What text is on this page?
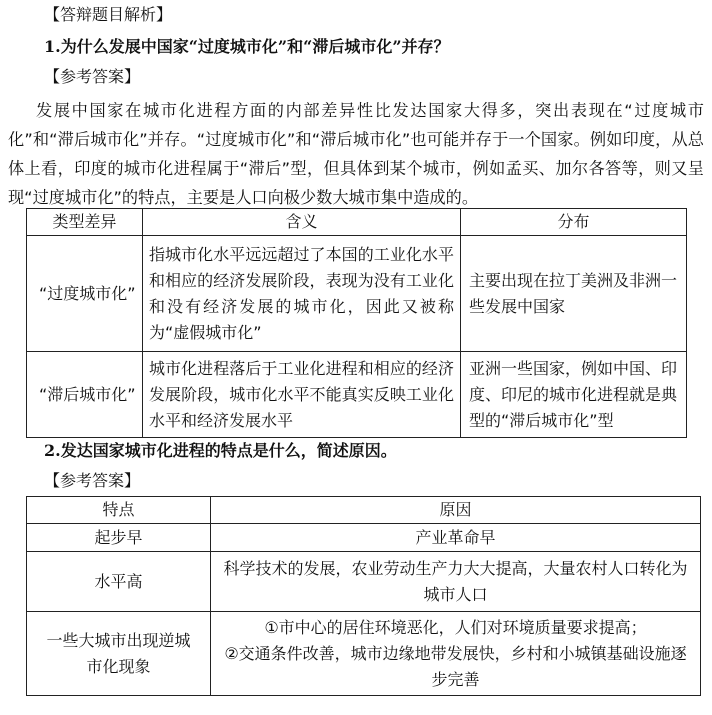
【答辩题目解析】
1.为什么发展中国家“过度城市化”和“滞后城市化”并存？
【参考答案】
发展中国家在城市化进程方面的内部差异性比发达国家大得多，突出表现在“过度城市化”和“滞后城市化”并存。“过度城市化”和“滞后城市化”也可能并存于一个国家。例如印度，从总体上看，印度的城市化进程属于“滞后”型，但具体到某个城市，例如孟买、加尔各答等，则又呈现“过度城市化”的特点，主要是人口向极少数大城市集中造成的。
类型差异	含义	分布
“过度城市化”	指城市化水平远远超过了本国的工业化水平和相应的经济发展阶段，表现为没有工业化和没有经济发展的城市化，因此又被称为“虚假城市化”	主要出现在拉丁美洲及非洲一些发展中国家
“滞后城市化”	城市化进程落后于工业化进程和相应的经济发展阶段，城市化水平不能真实反映工业化水平和经济发展水平	亚洲一些国家，例如中国、印度、印尼的城市化进程就是典型的“滞后城市化”型
2.发达国家城市化进程的特点是什么，简述原因。
【参考答案】
特点	原因
起步早	产业革命早
水平高	科学技术的发展，农业劳动生产力大大提高，大量农村人口转化为城市人口
一些大城市出现逆城市化现象	①市中心的居住环境恶化，人们对环境质量要求提高；
②交通条件改善，城市边缘地带发展快，乡村和小城镇基础设施逐步完善
